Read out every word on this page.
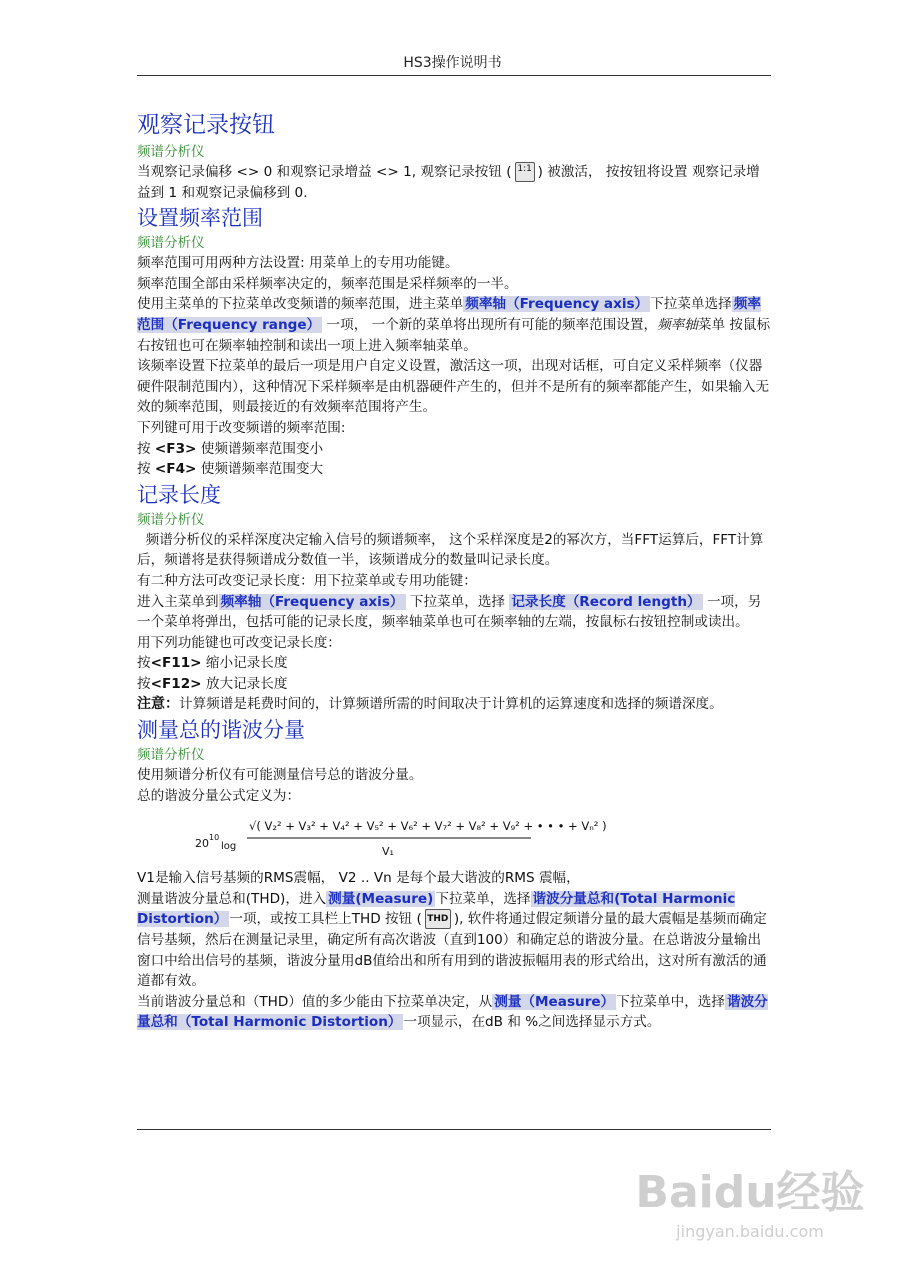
HS3操作说明书
观察记录按钮
频谱分析仪

当观察记录偏移 <> 0 和观察记录增益 <> 1, 观察记录按钮 ( 1:1 ) 被激活， 按按钮将设置 观察记录增益到 1 和观察记录偏移到 0.

设置频率范围
频谱分析仪

频率范围可用两种方法设置: 用菜单上的专用功能键。

频率范围全部由采样频率决定的，频率范围是采样频率的一半。

使用主菜单的下拉菜单改变频谱的频率范围，进主菜单 频率轴（Frequency axis） 下拉菜单选择 频率范围（Frequency range） 一项， 一个新的菜单将出现所有可能的频率范围设置，频率轴菜单 按鼠标右按钮也可在频率轴控制和读出一项上进入频率轴菜单。

该频率设置下拉菜单的最后一项是用户自定义设置，激活这一项，出现对话框，可自定义采样频率（仪器硬件限制范围内），这种情况下采样频率是由机器硬件产生的，但并不是所有的频率都能产生，如果输入无效的频率范围，则最接近的有效频率范围将产生。

下列键可用于改变频谱的频率范围:

按 <F3> 使频谱频率范围变小

按 <F4> 使频谱频率范围变大

记录长度
频谱分析仪

频谱分析仪的采样深度决定输入信号的频谱频率， 这个采样深度是2的幂次方，当FFT运算后，FFT计算后，频谱将是获得频谱成分数值一半，该频谱成分的数量叫记录长度。

有二种方法可改变记录长度：用下拉菜单或专用功能键：

进入主菜单到 频率轴（Frequency axis） 下拉菜单，选择 记录长度（Record length） 一项，另一个菜单将弹出，包括可能的记录长度，频率轴菜单也可在频率轴的左端，按鼠标右按钮控制或读出。

用下列功能键也可改变记录长度：

按<F11> 缩小记录长度

按<F12> 放大记录长度

注意： 计算频谱是耗费时间的，计算频谱所需的时间取决于计算机的运算速度和选择的频谱深度。
测量总的谐波分量
频谱分析仪

使用频谱分析仪有可能测量信号总的谐波分量。

总的谐波分量公式定义为：

20 10
log
√( V₂² + V₃² + V₄² + V₅² + V₆² + V₇² + V₈² + V₉² + • • • + Vₙ² )
V₁

V1是输入信号基频的RMS震幅， V2 .. Vn 是每个最大谐波的RMS 震幅，

测量谐波分量总和(THD)，进入 测量(Measure) 下拉菜单，选择 谐波分量总和(Total Harmonic Distortion） 一项，或按工具栏上THD 按钮 ( THD ), 软件将通过假定频谱分量的最大震幅是基频而确定信号基频，然后在测量记录里，确定所有高次谐波（直到100）和确定总的谐波分量。在总谐波分量输出窗口中给出信号的基频，谐波分量用dB值给出和所有用到的谐波振幅用表的形式给出，这对所有激活的通道都有效。

当前谐波分量总和（THD）值的多少能由下拉菜单决定，从 测量（Measure） 下拉菜单中，选择 谐波分量总和（Total Harmonic Distortion） 一项显示，在dB 和 %之间选择显示方式。

Baidu经验
jingyan.baidu.com
